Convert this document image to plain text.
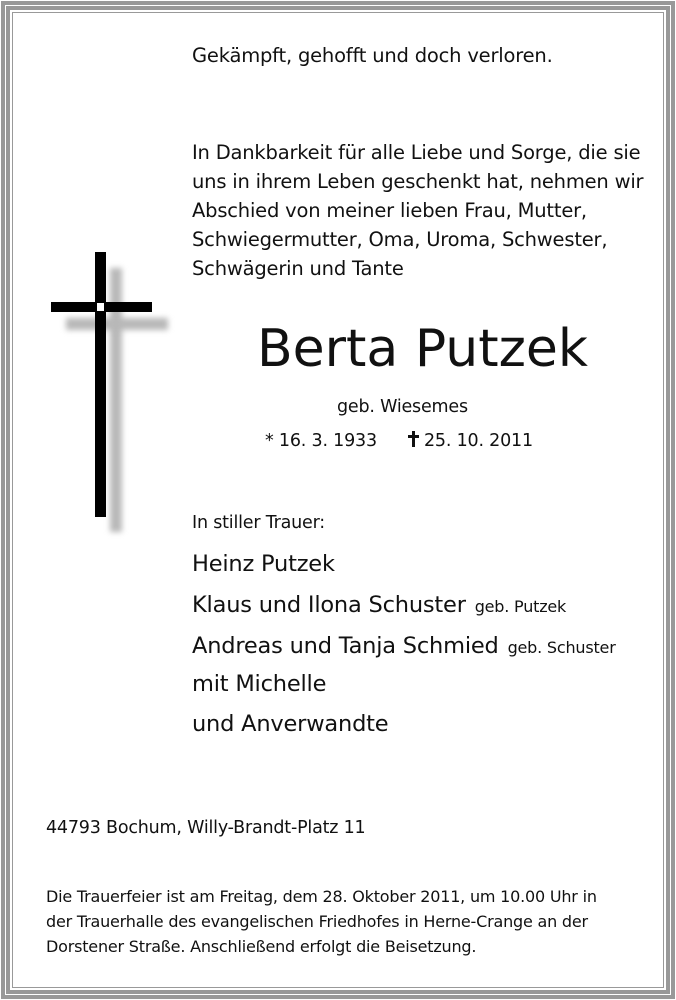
Gekämpft, gehofft und doch verloren.
In Dankbarkeit für alle Liebe und Sorge, die sie
uns in ihrem Leben geschenkt hat, nehmen wir
Abschied von meiner lieben Frau, Mutter,
Schwiegermutter, Oma, Uroma, Schwester,
Schwägerin und Tante
Berta Putzek
geb. Wiesemes
* 16. 3. 1933	25. 10. 2011
In stiller Trauer:
Heinz Putzek
Klaus und Ilona Schuster geb. Putzek
Andreas und Tanja Schmied geb. Schuster
mit Michelle
und Anverwandte
44793 Bochum, Willy-Brandt-Platz 11
Die Trauerfeier ist am Freitag, dem 28. Oktober 2011, um 10.00 Uhr in
der Trauerhalle des evangelischen Friedhofes in Herne-Crange an der
Dorstener Straße. Anschließend erfolgt die Beisetzung.
